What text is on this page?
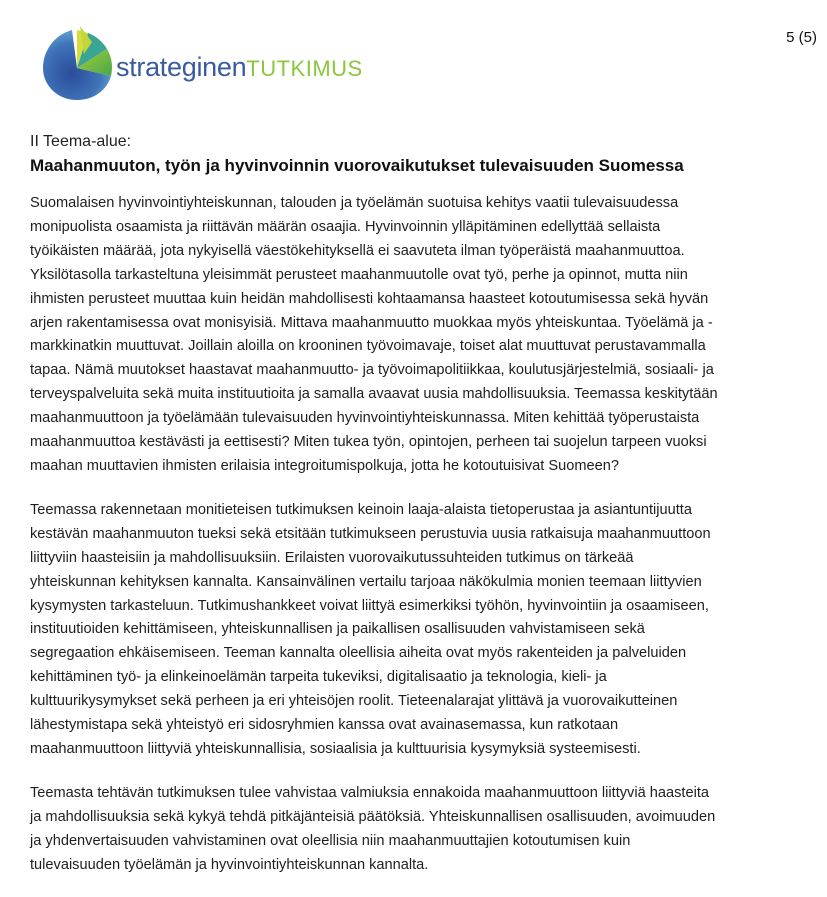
strateginenTUTKIMUS
5 (5)
II Teema-alue:
Maahanmuuton, työn ja hyvinvoinnin vuorovaikutukset tulevaisuuden Suomessa

Suomalaisen hyvinvointiyhteiskunnan, talouden ja työelämän suotuisa kehitys vaatii tulevaisuudessa
monipuolista osaamista ja riittävän määrän osaajia. Hyvinvoinnin ylläpitäminen edellyttää sellaista
työikäisten määrää, jota nykyisellä väestökehityksellä ei saavuteta ilman työperäistä maahanmuuttoa.
Yksilötasolla tarkasteltuna yleisimmät perusteet maahanmuutolle ovat työ, perhe ja opinnot, mutta niin
ihmisten perusteet muuttaa kuin heidän mahdollisesti kohtaamansa haasteet kotoutumisessa sekä hyvän
arjen rakentamisessa ovat monisyisiä. Mittava maahanmuutto muokkaa myös yhteiskuntaa. Työelämä ja -
markkinatkin muuttuvat. Joillain aloilla on krooninen työvoimavaje, toiset alat muuttuvat perustavammalla
tapaa. Nämä muutokset haastavat maahanmuutto- ja työvoimapolitiikkaa, koulutusjärjestelmiä, sosiaali- ja
terveyspalveluita sekä muita instituutioita ja samalla avaavat uusia mahdollisuuksia. Teemassa keskitytään
maahanmuuttoon ja työelämään tulevaisuuden hyvinvointiyhteiskunnassa. Miten kehittää työperustaista
maahanmuuttoa kestävästi ja eettisesti? Miten tukea työn, opintojen, perheen tai suojelun tarpeen vuoksi
maahan muuttavien ihmisten erilaisia integroitumispolkuja, jotta he kotoutuisivat Suomeen?

Teemassa rakennetaan monitieteisen tutkimuksen keinoin laaja-alaista tietoperustaa ja asiantuntijuutta
kestävän maahanmuuton tueksi sekä etsitään tutkimukseen perustuvia uusia ratkaisuja maahanmuuttoon
liittyviin haasteisiin ja mahdollisuuksiin. Erilaisten vuorovaikutussuhteiden tutkimus on tärkeää
yhteiskunnan kehityksen kannalta. Kansainvälinen vertailu tarjoaa näkökulmia monien teemaan liittyvien
kysymysten tarkasteluun. Tutkimushankkeet voivat liittyä esimerkiksi työhön, hyvinvointiin ja osaamiseen,
instituutioiden kehittämiseen, yhteiskunnallisen ja paikallisen osallisuuden vahvistamiseen sekä
segregaation ehkäisemiseen. Teeman kannalta oleellisia aiheita ovat myös rakenteiden ja palveluiden
kehittäminen työ- ja elinkeinoelämän tarpeita tukeviksi, digitalisaatio ja teknologia, kieli- ja
kulttuurikysymykset sekä perheen ja eri yhteisöjen roolit. Tieteenalarajat ylittävä ja vuorovaikutteinen
lähestymistapa sekä yhteistyö eri sidosryhmien kanssa ovat avainasemassa, kun ratkotaan
maahanmuuttoon liittyviä yhteiskunnallisia, sosiaalisia ja kulttuurisia kysymyksiä systeemisesti.

Teemasta tehtävän tutkimuksen tulee vahvistaa valmiuksia ennakoida maahanmuuttoon liittyviä haasteita
ja mahdollisuuksia sekä kykyä tehdä pitkäjänteisiä päätöksiä. Yhteiskunnallisen osallisuuden, avoimuuden
ja yhdenvertaisuuden vahvistaminen ovat oleellisia niin maahanmuuttajien kotoutumisen kuin
tulevaisuuden työelämän ja hyvinvointiyhteiskunnan kannalta.
